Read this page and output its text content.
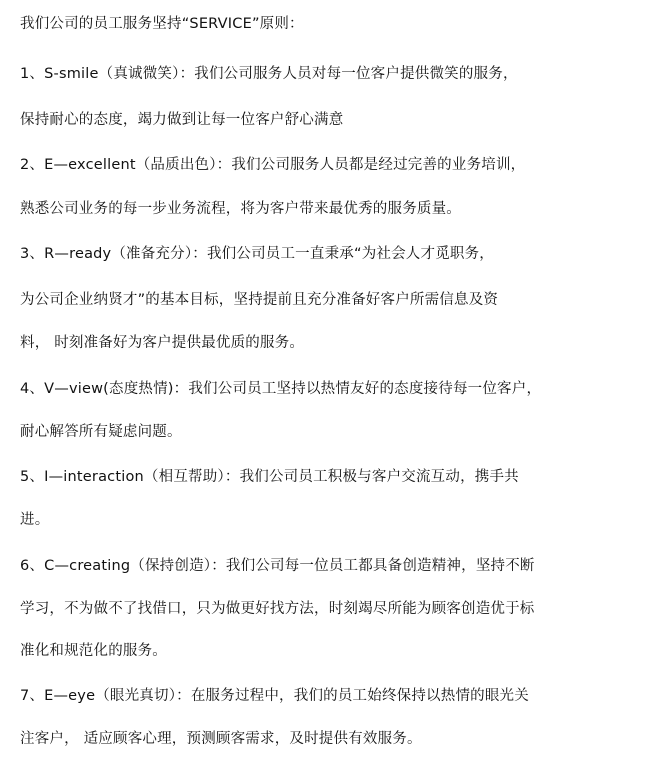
我们公司的员工服务坚持“SERVICE”原则：
1、S-smile（真诚微笑）：我们公司服务人员对每一位客户提供微笑的服务，
保持耐心的态度，竭力做到让每一位客户舒心满意
2、E—excellent（品质出色）：我们公司服务人员都是经过完善的业务培训，
熟悉公司业务的每一步业务流程，将为客户带来最优秀的服务质量。
3、R—ready（准备充分）：我们公司员工一直秉承“为社会人才觅职务，
为公司企业纳贤才”的基本目标，坚持提前且充分准备好客户所需信息及资
料， 时刻准备好为客户提供最优质的服务。
4、V—view(态度热情)：我们公司员工坚持以热情友好的态度接待每一位客户，
耐心解答所有疑虑问题。
5、I—interaction（相互帮助）：我们公司员工积极与客户交流互动，携手共
进。
6、C—creating（保持创造）：我们公司每一位员工都具备创造精神，坚持不断
学习，不为做不了找借口，只为做更好找方法，时刻竭尽所能为顾客创造优于标
准化和规范化的服务。
7、E—eye（眼光真切）：在服务过程中，我们的员工始终保持以热情的眼光关
注客户， 适应顾客心理，预测顾客需求，及时提供有效服务。
